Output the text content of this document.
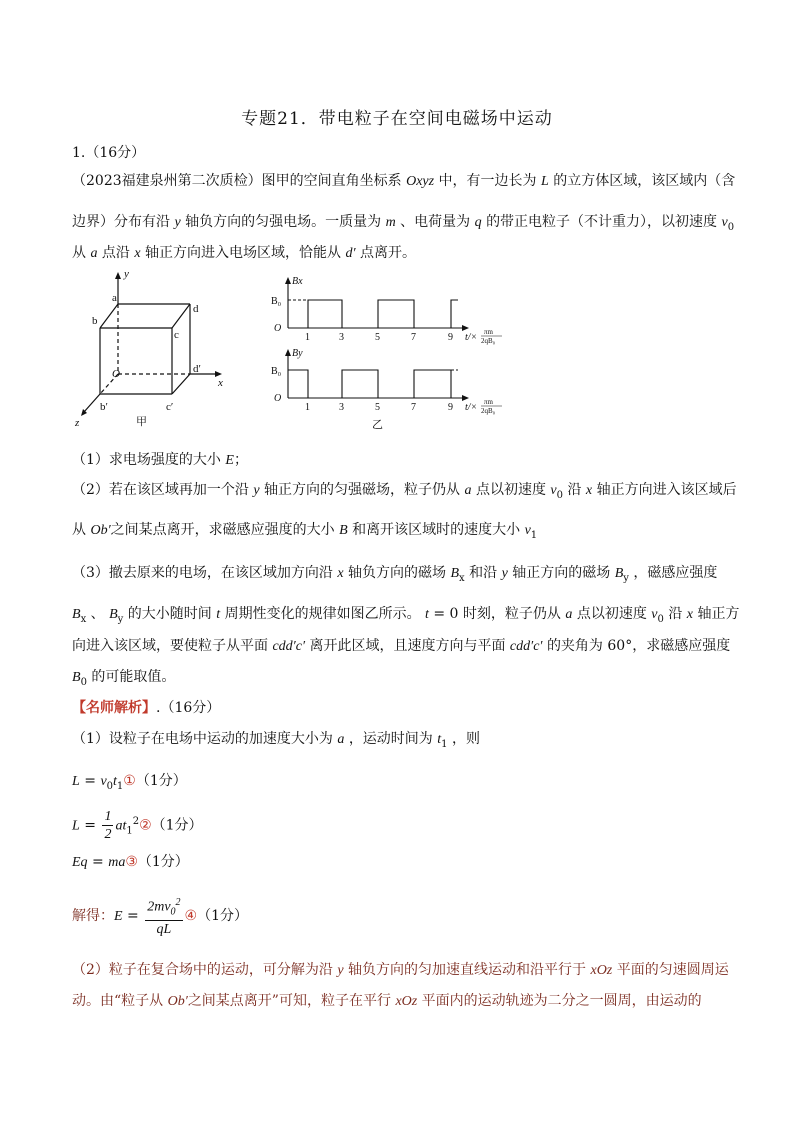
专题21．带电粒子在空间电磁场中运动
1.（16分）
（2023福建泉州第二次质检）图甲的空间直角坐标系 Oxyz 中，有一边长为 L 的立方体区域，该区域内（含
边界）分布有沿 y 轴负方向的匀强电场。一质量为 m 、电荷量为 q 的带正电粒子（不计重力），以初速度 $v_0$
从 a 点沿 x 轴正方向进入电场区域，恰能从 d′ 点离开。
y
a
b
c
d
d′
O
x
z
b′	c′
甲
Bx
B₀
O
1	3	5	7	9 t/× πm
2qB₀
By
B₀
O
1	3	5	7	9 t/× πm
2qB₀
乙
（1）求电场强度的大小 E；
（2）若在该区域再加一个沿 y 轴正方向的匀强磁场，粒子仍从 a 点以初速度 $v_0$ 沿 x 轴正方向进入该区域后
从 Ob′之间某点离开，求磁感应强度的大小 B 和离开该区域时的速度大小 $v_1$
（3）撤去原来的电场，在该区域加方向沿 x 轴负方向的磁场 $B_x$ 和沿 y 轴正方向的磁场 $B_y$ ，磁感应强度
$B_x$ 、 $B_y$ 的大小随时间 t 周期性变化的规律如图乙所示。 t = 0 时刻，粒子仍从 a 点以初速度 $v_0$ 沿 x 轴正方
向进入该区域，要使粒子从平面 cdd′c′ 离开此区域，且速度方向与平面 cdd′c′ 的夹角为 60°，求磁感应强度
$B_0$ 的可能取值。
【名师解析】.（16分）
（1）设粒子在电场中运动的加速度大小为 a ，运动时间为 $t_1$ ，则
$L = v_0t_1①(1$分）
$L = \frac{1}{2}$ $at_1^2②(1$分）
Eq = ma③（1分）
解得：$E = \frac{2mv_0^2}{qL}$ ④（1分）
（2）粒子在复合场中的运动，可分解为沿 y 轴负方向的匀加速直线运动和沿平行于 xOz 平面的匀速圆周运
动。由“粒子从 Ob′之间某点离开”可知，粒子在平行 xOz 平面内的运动轨迹为二分之一圆周，由运动的
